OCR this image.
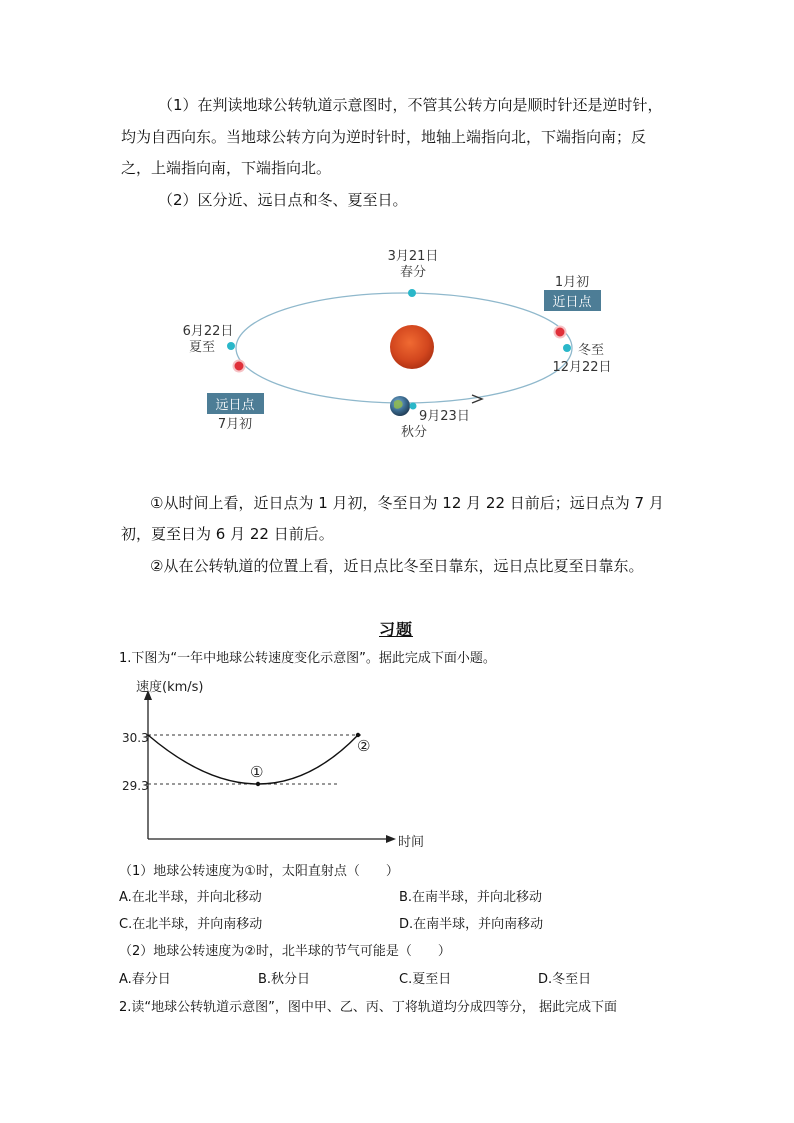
（1）在判读地球公转轨道示意图时，不管其公转方向是顺时针还是逆时针，
均为自西向东。当地球公转方向为逆时针时，地轴上端指向北，下端指向南；反
之，上端指向南，下端指向北。
（2）区分近、远日点和冬、夏至日。
3月21日
春分
1月初
近日点
冬至
12月22日
6月22日
夏至
远日点
7月初
9月23日
秋分
①从时间上看，近日点为 1 月初，冬至日为 12 月 22 日前后；远日点为 7 月
初，夏至日为 6 月 22 日前后。
②从在公转轨道的位置上看，近日点比冬至日靠东，远日点比夏至日靠东。
习题
1.下图为“一年中地球公转速度变化示意图”。据此完成下面小题。
速度(km/s)
时间
30.3
29.3
①
②
（1）地球公转速度为①时，太阳直射点（　　）
A.在北半球，并向北移动	B.在南半球，并向北移动
C.在北半球，并向南移动	D.在南半球，并向南移动
（2）地球公转速度为②时，北半球的节气可能是（　　）
A.春分日	B.秋分日	C.夏至日	D.冬至日
2.读“地球公转轨道示意图”，图中甲、乙、丙、丁将轨道均分成四等分， 据此完成下面
